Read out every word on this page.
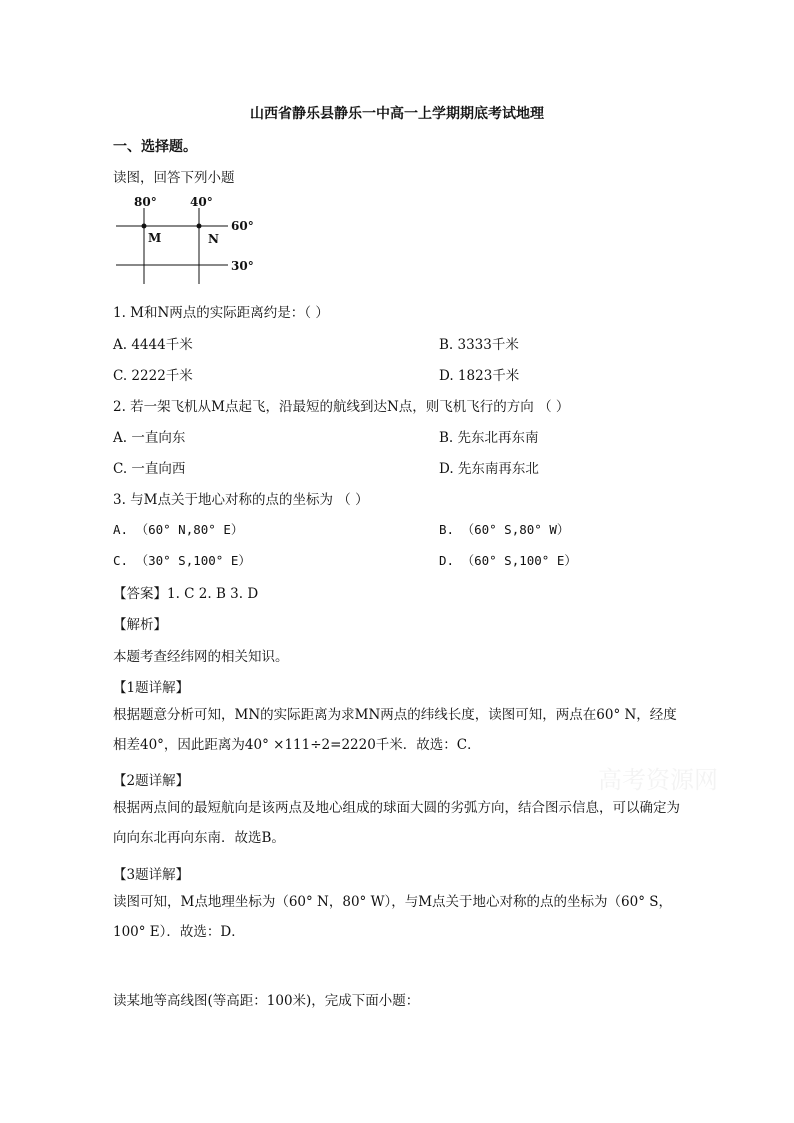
山西省静乐县静乐一中高一上学期期底考试地理
一、选择题。
读图，回答下列小题
80°	40°
60°
30°
M	N
1. M和N两点的实际距离约是：（ ）
A. 4444千米	B. 3333千米
C. 2222千米	D. 1823千米
2. 若一架飞机从M点起飞，沿最短的航线到达N点，则飞机飞行的方向 （ ）
A. 一直向东	B. 先东北再东南
C. 一直向西	D. 先东南再东北
3. 与M点关于地心对称的点的坐标为 （ ）
A. （60° N,80° E）	B. （60° S,80° W）
C. （30° S,100° E）	D. （60° S,100° E）
【答案】1. C 2. B 3. D
【解析】
本题考查经纬网的相关知识。
【1题详解】
根据题意分析可知，MN的实际距离为求MN两点的纬线长度，读图可知，两点在60° N，经度相差40°，因此距离为40° ×111÷2=2220千米．故选：C．
【2题详解】
根据两点间的最短航向是该两点及地心组成的球面大圆的劣弧方向，结合图示信息，可以确定为向向东北再向东南．故选B。
【3题详解】
读图可知，M点地理坐标为（60° N，80° W），与M点关于地心对称的点的坐标为（60° S，100° E）．故选：D．
读某地等高线图(等高距：100米)，完成下面小题：
高考资源网
